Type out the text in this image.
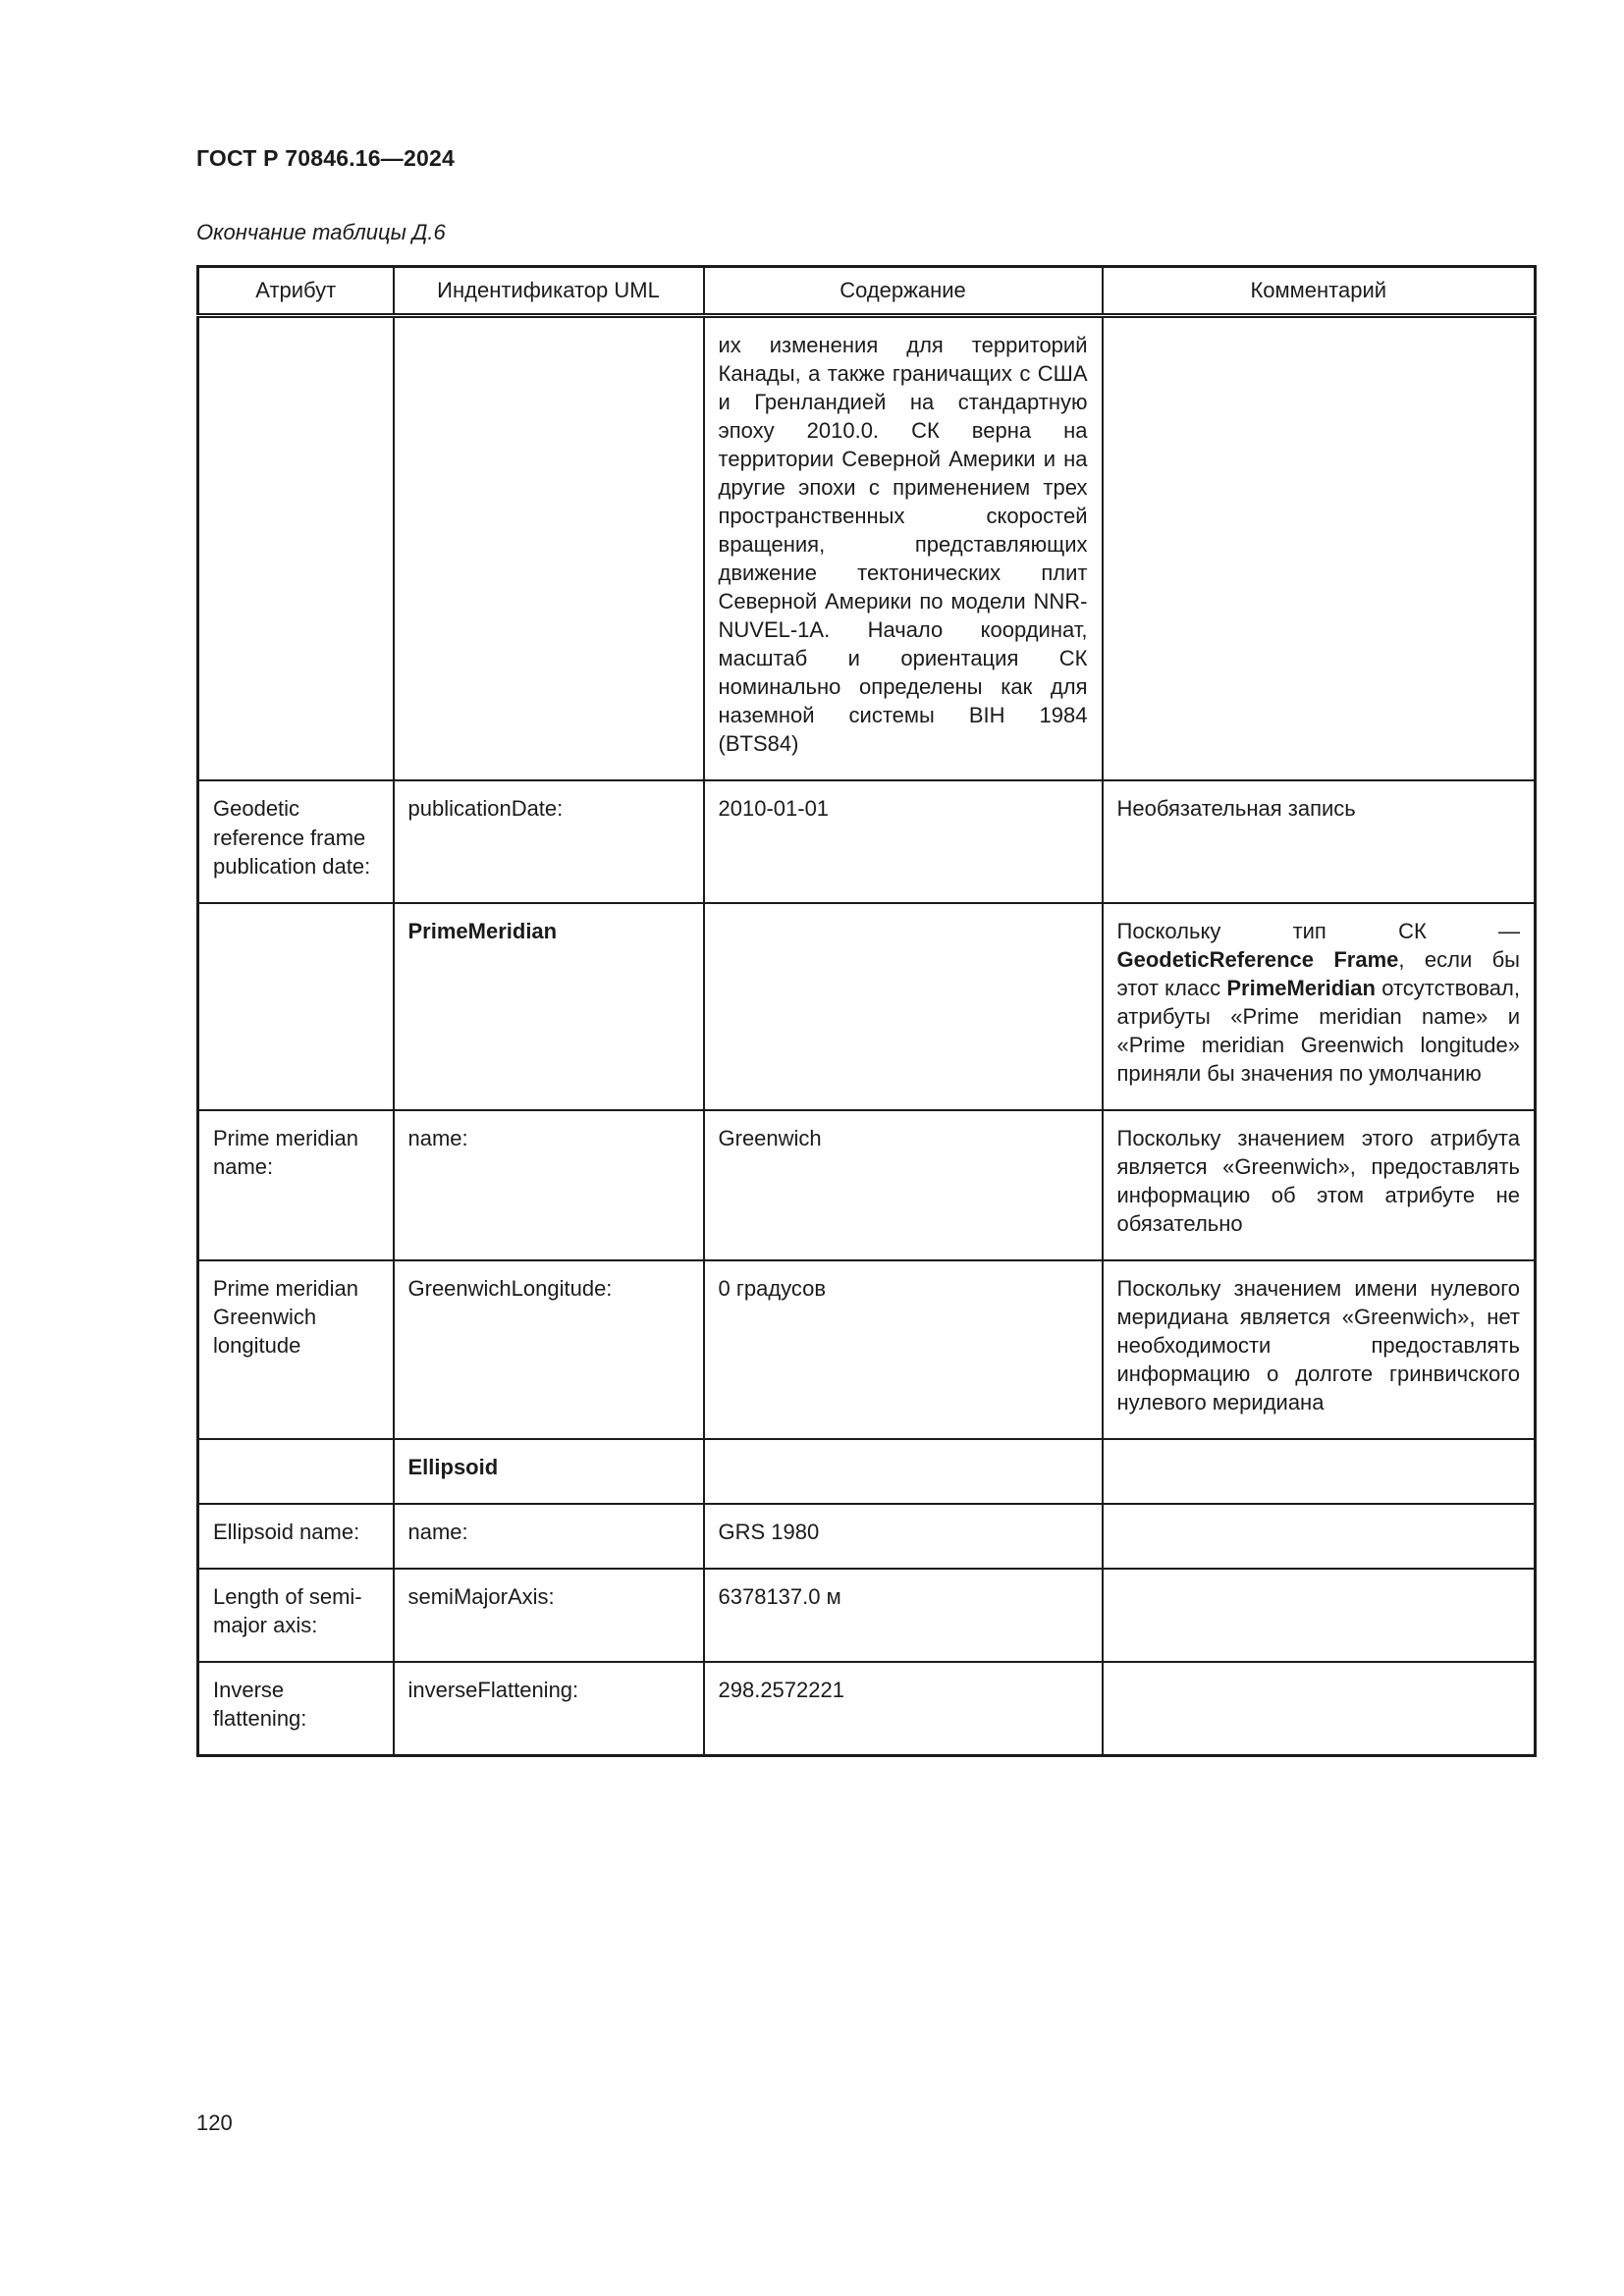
ГОСТ Р 70846.16—2024
Окончание таблицы Д.6
Атрибут	Индентификатор UML	Содержание	Комментарий
		их изменения для территорий Канады, а также граничащих с США и Гренландией на стандартную эпоху 2010.0. СК верна на территории Северной Америки и на другие эпохи с применением трех пространственных скоростей вращения, представляющих движение тектонических плит Северной Америки по модели NNR-NUVEL-1A. Начало координат, масштаб и ориентация СК номинально определены как для наземной системы BIH 1984 (BTS84)	
Geodetic reference frame publication date:	publicationDate:	2010-01-01	Необязательная запись
	PrimeMeridian		Поскольку тип СК — GeodeticReference Frame, если бы этот класс PrimeMeridian отсутствовал, атрибуты «Prime meridian name» и «Prime meridian Greenwich longitude» приняли бы значения по умолчанию
Prime meridian name:	name:	Greenwich	Поскольку значением этого атрибута является «Greenwich», предоставлять информацию об этом атрибуте не обязательно
Prime meridian Greenwich longitude	GreenwichLongitude:	0 градусов	Поскольку значением имени нулевого меридиана является «Greenwich», нет необходимости предоставлять информацию о долготе гринвичского нулевого меридиана
	Ellipsoid		
Ellipsoid name:	name:	GRS 1980	
Length of semi-major axis:	semiMajorAxis:	6378137.0 м	
Inverse flattening:	inverseFlattening:	298.2572221	
120
